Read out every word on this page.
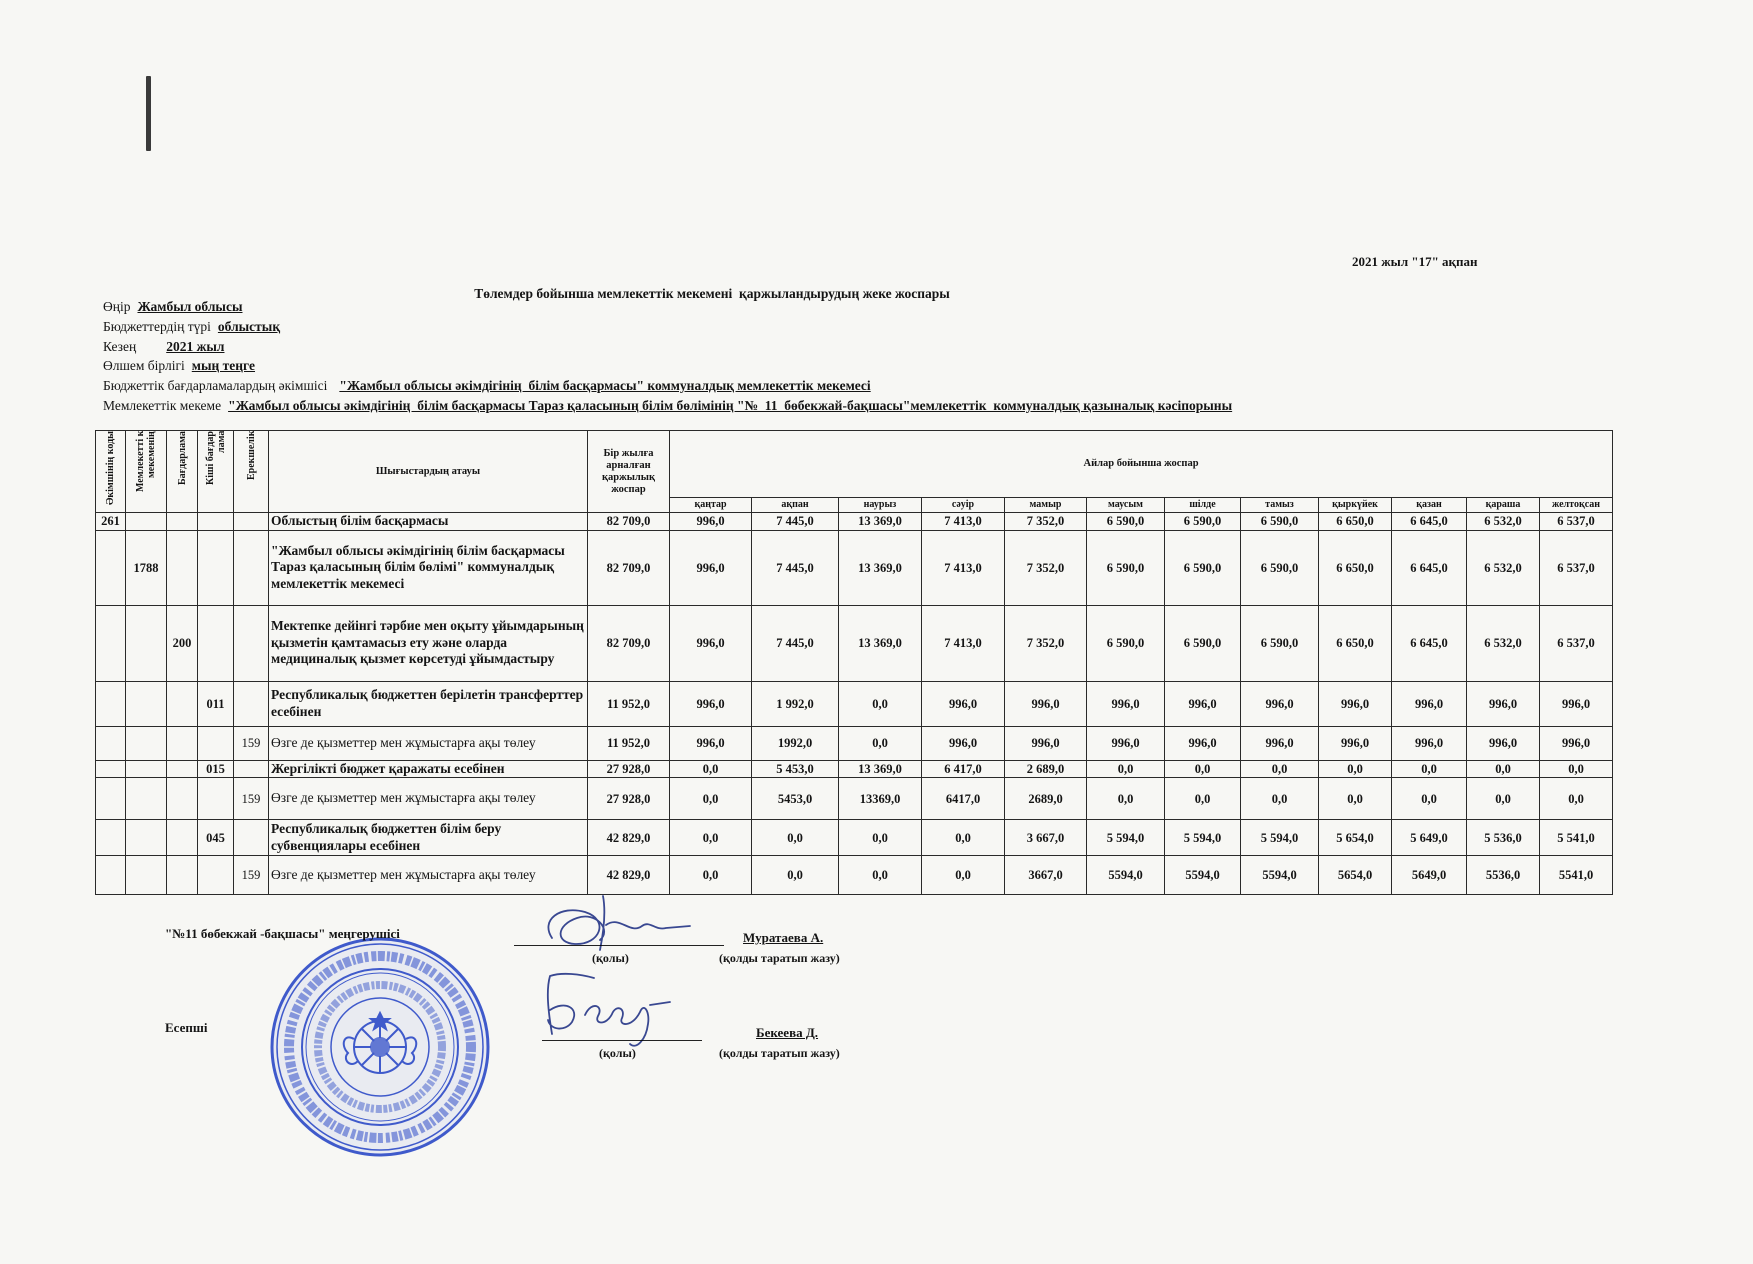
2021 жыл "17" ақпан
Төлемдер бойынша мемлекеттік мекемені  қаржыландырудың жеке жоспары
Өңір Жамбыл облысы
Бюджеттердің түрі облыстық
Кезең 2021 жыл
Өлшем бірлігі мың теңге
Бюджеттік бағдарламалардың әкімшісі "Жамбыл облысы әкімдігінің  білім басқармасы" коммуналдық мемлекеттік мекемесі
Мемлекеттік мекеме "Жамбыл облысы әкімдігінің  білім басқармасы Тараз қаласының білім бөлімінің "№  11  бөбекжай-бақшасы"мемлекеттік  коммуналдық қазыналық кәсіпорыны
Әкімшінің коды	Мемлекетті к мекеменің	Бағдарлама	Кіші бағдар лама	Ерекшелік	Шығыстардың атауы	Бір жылға арналған қаржылық жоспар	Айлар бойынша жоспар											
							қаңтар	ақпан	наурыз	сәуір	мамыр	маусым	шілде	тамыз	қыркүйек	қазан	қараша	желтоқсан
261					Облыстың білім басқармасы	82 709,0	996,0	7 445,0	13 369,0	7 413,0	7 352,0	6 590,0	6 590,0	6 590,0	6 650,0	6 645,0	6 532,0	6 537,0
	1788				"Жамбыл облысы әкімдігінің білім басқармасы Тараз қаласының білім бөлімі" коммуналдық мемлекеттік мекемесі	82 709,0	996,0	7 445,0	13 369,0	7 413,0	7 352,0	6 590,0	6 590,0	6 590,0	6 650,0	6 645,0	6 532,0	6 537,0
		200			Мектепке дейінгі тәрбие мен оқыту ұйымдарының қызметін қамтамасыз ету және оларда медициналық қызмет көрсетуді ұйымдастыру	82 709,0	996,0	7 445,0	13 369,0	7 413,0	7 352,0	6 590,0	6 590,0	6 590,0	6 650,0	6 645,0	6 532,0	6 537,0
			011		Республикалық бюджеттен берілетін трансферттер есебінен	11 952,0	996,0	1 992,0	0,0	996,0	996,0	996,0	996,0	996,0	996,0	996,0	996,0	996,0
				159	Өзге де қызметтер мен жұмыстарға ақы төлеу	11 952,0	996,0	1992,0	0,0	996,0	996,0	996,0	996,0	996,0	996,0	996,0	996,0	996,0
			015		Жергілікті бюджет қаражаты есебінен	27 928,0	0,0	5 453,0	13 369,0	6 417,0	2 689,0	0,0	0,0	0,0	0,0	0,0	0,0	0,0
				159	Өзге де қызметтер мен жұмыстарға ақы төлеу	27 928,0	0,0	5453,0	13369,0	6417,0	2689,0	0,0	0,0	0,0	0,0	0,0	0,0	0,0
			045		Республикалық бюджеттен білім беру субвенциялары есебінен	42 829,0	0,0	0,0	0,0	0,0	3 667,0	5 594,0	5 594,0	5 594,0	5 654,0	5 649,0	5 536,0	5 541,0
				159	Өзге де қызметтер мен жұмыстарға ақы төлеу	42 829,0	0,0	0,0	0,0	0,0	3667,0	5594,0	5594,0	5594,0	5654,0	5649,0	5536,0	5541,0
"№11 бөбекжай -бақшасы" меңгерушісі	Муратаева А.
(қолы)	(қолды таратып жазу)
Есепші	Бекеева Д.
(қолы)	(қолды таратып жазу)
